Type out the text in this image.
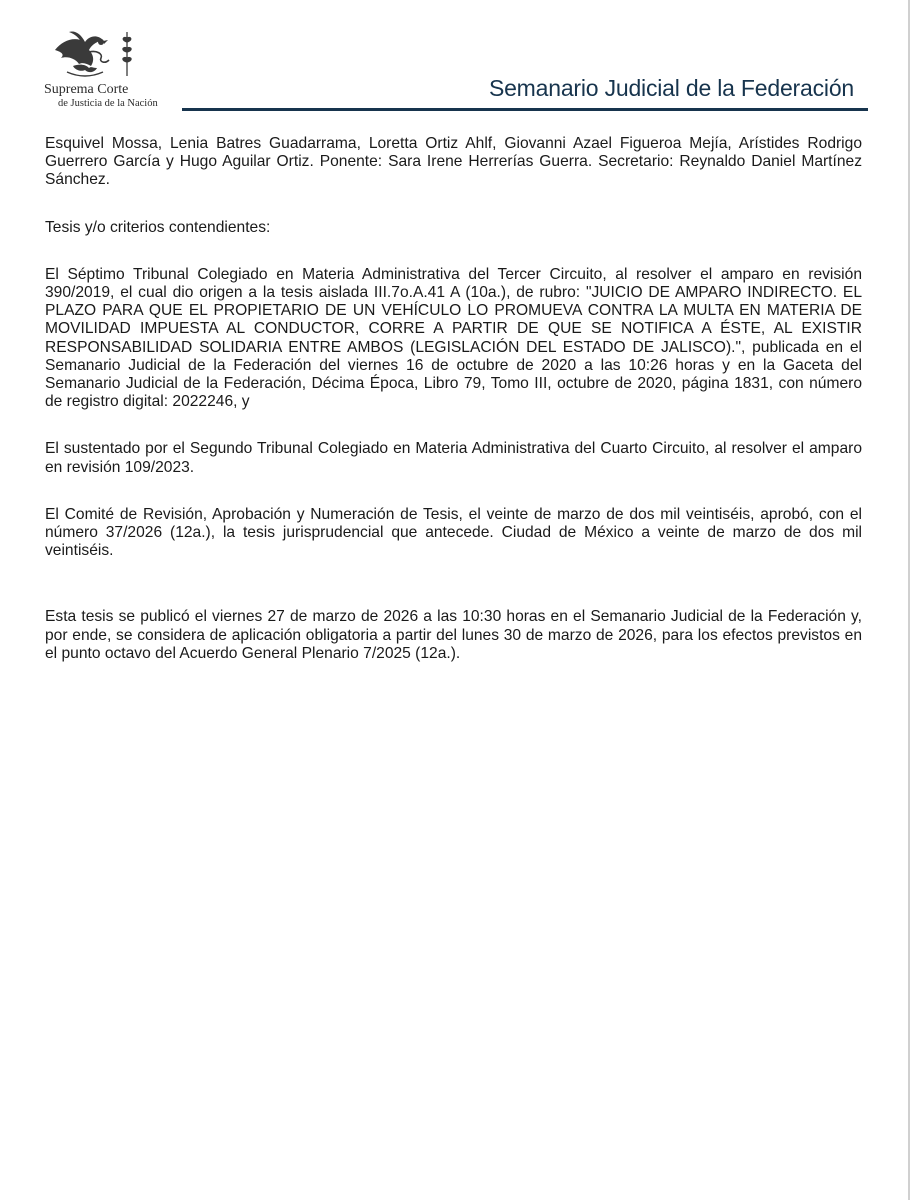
Suprema Corte
de Justicia de la Nación
Semanario Judicial de la Federación

Esquivel Mossa, Lenia Batres Guadarrama, Loretta Ortiz Ahlf, Giovanni Azael Figueroa Mejía, Arístides Rodrigo Guerrero García y Hugo Aguilar Ortiz. Ponente: Sara Irene Herrerías Guerra. Secretario: Reynaldo Daniel Martínez Sánchez.

Tesis y/o criterios contendientes:

El Séptimo Tribunal Colegiado en Materia Administrativa del Tercer Circuito, al resolver el amparo en revisión 390/2019, el cual dio origen a la tesis aislada III.7o.A.41 A (10a.), de rubro: "JUICIO DE AMPARO INDIRECTO. EL PLAZO PARA QUE EL PROPIETARIO DE UN VEHÍCULO LO PROMUEVA CONTRA LA MULTA EN MATERIA DE MOVILIDAD IMPUESTA AL CONDUCTOR, CORRE A PARTIR DE QUE SE NOTIFICA A ÉSTE, AL EXISTIR RESPONSABILIDAD SOLIDARIA ENTRE AMBOS (LEGISLACIÓN DEL ESTADO DE JALISCO).", publicada en el Semanario Judicial de la Federación del viernes 16 de octubre de 2020 a las 10:26 horas y en la Gaceta del Semanario Judicial de la Federación, Décima Época, Libro 79, Tomo III, octubre de 2020, página 1831, con número de registro digital: 2022246, y

El sustentado por el Segundo Tribunal Colegiado en Materia Administrativa del Cuarto Circuito, al resolver el amparo en revisión 109/2023.

El Comité de Revisión, Aprobación y Numeración de Tesis, el veinte de marzo de dos mil veintiséis, aprobó, con el número 37/2026 (12a.), la tesis jurisprudencial que antecede. Ciudad de México a veinte de marzo de dos mil veintiséis.

Esta tesis se publicó el viernes 27 de marzo de 2026 a las 10:30 horas en el Semanario Judicial de la Federación y, por ende, se considera de aplicación obligatoria a partir del lunes 30 de marzo de 2026, para los efectos previstos en el punto octavo del Acuerdo General Plenario 7/2025 (12a.).
